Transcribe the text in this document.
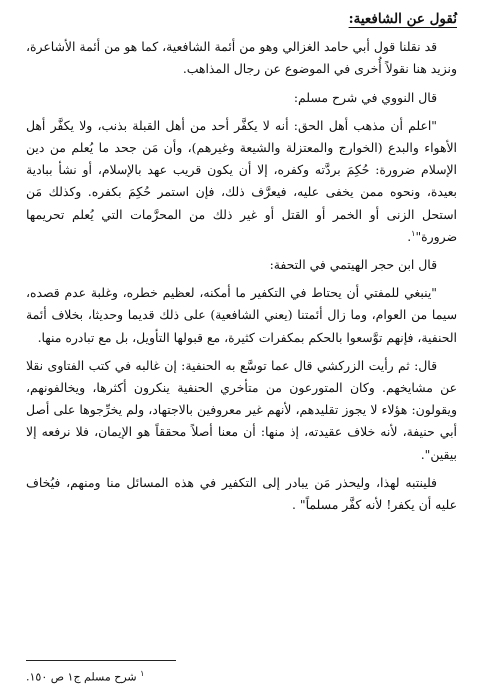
نُقول عن الشافعية:

قد نقلنا قول أبي حامد الغزالي وهو من أئمة الشافعية، كما هو من أئمة الأشاعرة، ونزيد هنا نقولاً أُخرى في الموضوع عن رجال المذاهب.

قال النووي في شرح مسلم:

"اعلم أن مذهب أهل الحق: أنه لا يكفَّر أحد من أهل القبلة بذنب، ولا يكفَّر أهل الأهواء والبدع (الخوارج والمعتزلة والشيعة وغيرهم)، وأن مَن جحد ما يُعلم من دين الإسلام ضرورة: حُكِمَ بردَّته وكفره، إلا أن يكون قريب عهد بالإسلام، أو نشأ ببادية بعيدة، ونحوه ممن يخفى عليه، فيعرَّف ذلك، فإن استمر حُكِمَ بكفره. وكذلك مَن استحل الزنى أو الخمر أو القتل أو غير ذلك من المحرَّمات التي يُعلم تحريمها ضرورة"$^١$.

قال ابن حجر الهيتمي في التحفة:

"ينبغي للمفتي أن يحتاط في التكفير ما أمكنه، لعظيم خطره، وغلبة عدم قصده، سيما من العوام، وما زال أئمتنا (يعني الشافعية) على ذلك قديما وحديثا، بخلاف أئمة الحنفية، فإنهم توَّسعوا بالحكم بمكفرات كثيرة، مع قبولها التأويل، بل مع تبادره منها.

قال: ثم رأيت الزركشي قال عما توسَّع به الحنفية: إن غالبه في كتب الفتاوى نقلا عن مشايخهم. وكان المتورعون من متأخري الحنفية ينكرون أكثرها، ويخالفونهم، ويقولون: هؤلاء لا يجوز تقليدهم، لأنهم غير معروفين بالاجتهاد، ولم يخرِّجوها على أصل أبي حنيفة، لأنه خلاف عقيدته، إذ منها: أن معنا أصلاً محققاً هو الإيمان، فلا نرفعه إلا بيقين".

فلينتبه لهذا، وليحذر مَن يبادر إلى التكفير في هذه المسائل منا ومنهم، فيُخاف عليه أن يكفر! لأنه كفَّر مسلماً" .

$^١$ شرح مسلم ج١ ص ١٥٠.
